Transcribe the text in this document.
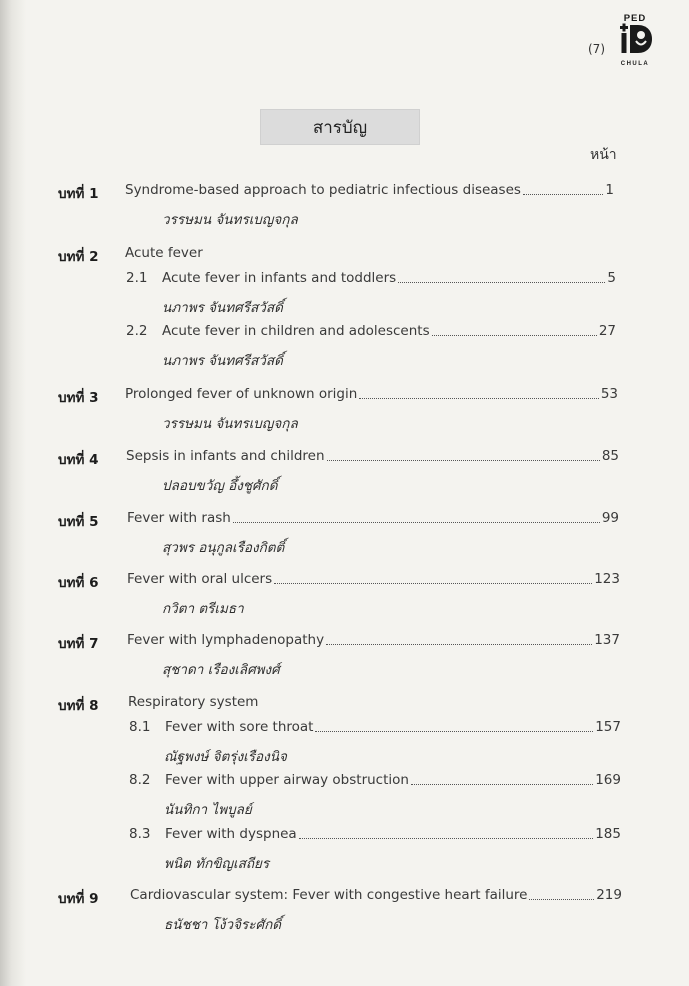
(7)
PED
CHULA
สารบัญ
หน้า
บทที่ 1 Syndrome-based approach to pediatric infectious diseases	1
วรรษมน จันทรเบญจกุล
บทที่ 2 Acute fever
2.1	Acute fever in infants and toddlers	5
นภาพร จันทศรีสวัสดิ์
2.2	Acute fever in children and adolescents	27
นภาพร จันทศรีสวัสดิ์
บทที่ 3 Prolonged fever of unknown origin	53
วรรษมน จันทรเบญจกุล
บทที่ 4 Sepsis in infants and children	85
ปลอบขวัญ อึ้งชูศักดิ์
บทที่ 5 Fever with rash	99
สุวพร อนุกูลเรืองกิตติ์
บทที่ 6 Fever with oral ulcers	123
กวิตา ตรีเมธา
บทที่ 7 Fever with lymphadenopathy	137
สุชาดา เรืองเลิศพงศ์
บทที่ 8 Respiratory system
8.1	Fever with sore throat	157
ณัฐพงษ์ จิตรุ่งเรืองนิจ
8.2	Fever with upper airway obstruction	169
นันทิกา ไพบูลย์
8.3	Fever with dyspnea	185
พนิต ทักขิญเสถียร
บทที่ 9 Cardiovascular system: Fever with congestive heart failure	219
ธนัชชา โง้วจิระศักดิ์
